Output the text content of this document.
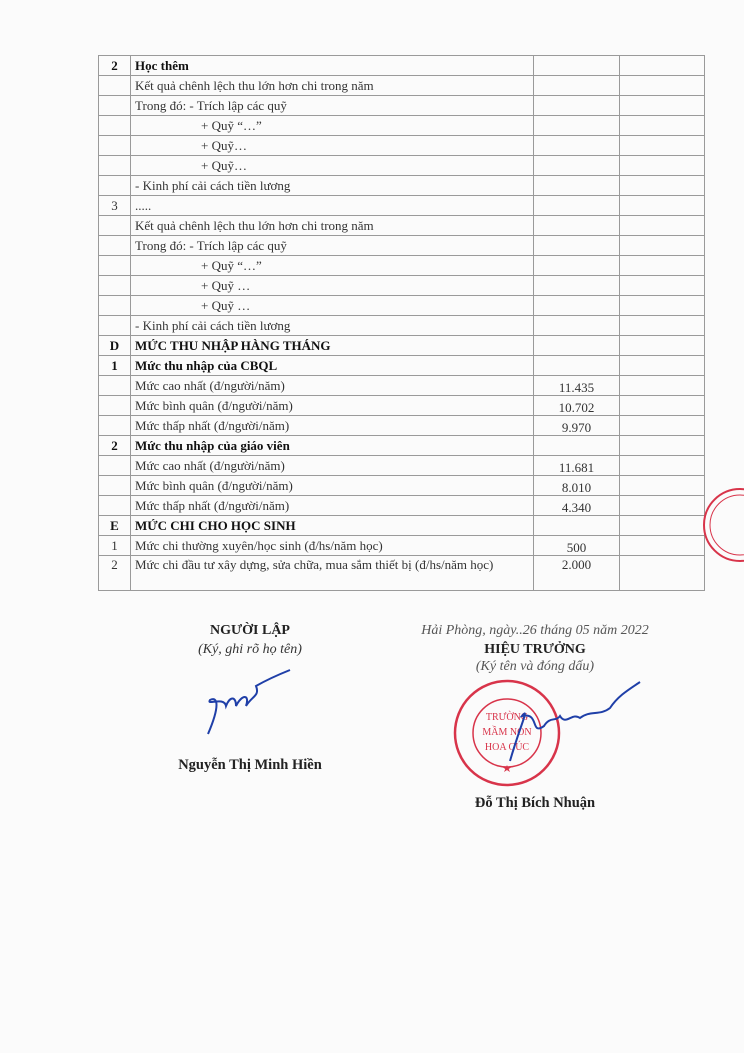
2	Học thêm		
	Kết quả chênh lệch thu lớn hơn chi trong năm		
	Trong đó: - Trích lập các quỹ		
	+ Quỹ “…”		
	+ Quỹ…		
	+ Quỹ…		
	- Kinh phí cải cách tiền lương		
3	.....		
	Kết quả chênh lệch thu lớn hơn chi trong năm		
	Trong đó: - Trích lập các quỹ		
	+ Quỹ “…”		
	+ Quỹ …		
	+ Quỹ …		
	- Kinh phí cải cách tiền lương		
D	MỨC THU NHẬP HÀNG THÁNG		
1	Mức thu nhập của CBQL		
	Mức cao nhất (đ/người/năm)	11.435	
	Mức bình quân (đ/người/năm)	10.702	
	Mức thấp nhất (đ/người/năm)	9.970	
2	Mức thu nhập của giáo viên		
	Mức cao nhất (đ/người/năm)	11.681	
	Mức bình quân (đ/người/năm)	8.010	
	Mức thấp nhất (đ/người/năm)	4.340	
E	MỨC CHI CHO HỌC SINH		
1	Mức chi thường xuyên/học sinh (đ/hs/năm học)	500	
2	Mức chi đầu tư xây dựng, sửa chữa, mua sắm thiết bị (đ/hs/năm học)	2.000	
NGƯỜI LẬP
(Ký, ghi rõ họ tên)
Nguyễn Thị Minh Hiền
Hải Phòng, ngày..26 tháng 05 năm 2022
HIỆU TRƯỞNG
(Ký tên và đóng dấu)
TRƯỜNG
MẦM NON
HOA CÚC
Đỗ Thị Bích Nhuận
